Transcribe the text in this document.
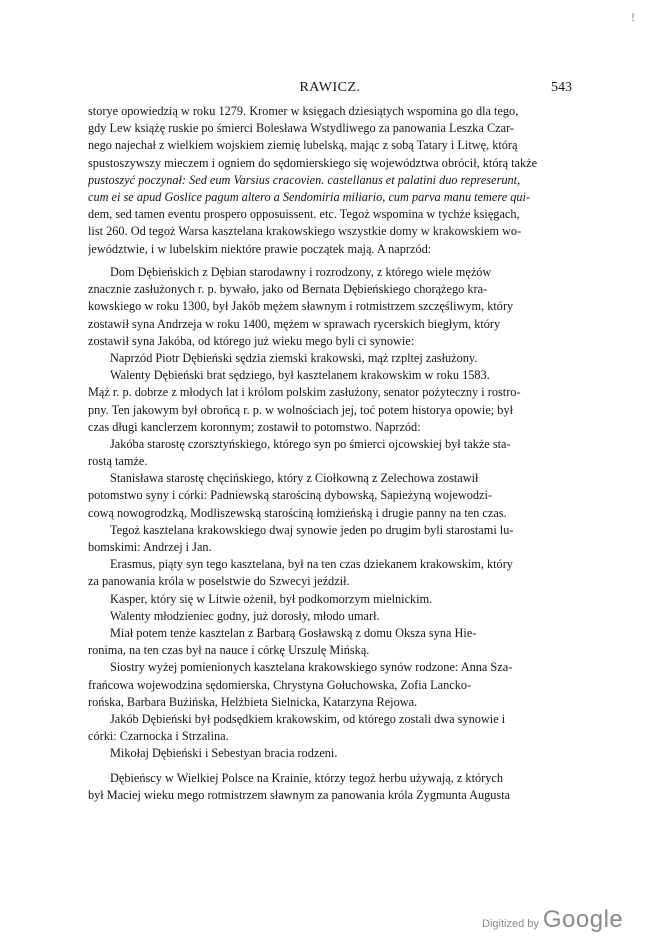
!
RAWICZ.	543
storye opowiedzią w roku 1279. Kromer w księgach dziesiątych wspomina go dla tego,
gdy Lew książę ruskie po śmierci Bolesława Wstydliwego za panowania Leszka Czar-
nego najechał z wielkiem wojskiem ziemię lubelską, mając z sobą Tatary i Litwę, którą
spustoszywszy mieczem i ogniem do sędomierskiego się województwa obrócił, którą także
pustoszyć poczynał: Sed eum Varsius cracovien. castellanus et palatini duo represerunt,
cum ei se apud Goslice pagum altero a Sendomiria miliario, cum parva manu temere qui-
dem, sed tamen eventu prospero opposuissent. etc. Tegoż wspomina w tychże księgach,
list 260. Od tegoż Warsa kasztelana krakowskiego wszystkie domy w krakowskiem wo-
jewództwie, i w lubelskim niektóre prawie początek mają. A naprzód:
Dom Dębieńskich z Dębian starodawny i rozrodzony, z którego wiele mężów
znacznie zasłużonych r. p. bywało, jako od Bernata Dębieńskiego chorążego kra-
kowskiego w roku 1300, był Jakób mężem sławnym i rotmistrzem szczęśliwym, który
zostawił syna Andrzeja w roku 1400, mężem w sprawach rycerskich biegłym, który
zostawił syna Jakóba, od którego już wieku mego byli ci synowie:
Naprzód Piotr Dębieński sędzia ziemski krakowski, mąż rzpltej zasłużony.
Walenty Dębieński brat sędziego, był kasztelanem krakowskim w roku 1583.
Mąż r. p. dobrze z młodych lat i królom polskim zasłużony, senator pożyteczny i rostro-
pny. Ten jakowym był obrońcą r. p. w wolnościach jej, toć potem historya opowie; był
czas długi kanclerzem koronnym; zostawił to potomstwo. Naprzód:
Jakóba starostę czorsztyńskiego, którego syn po śmierci ojcowskiej był także sta-
rostą tamże.
Stanisława starostę chęcińskiego, który z Ciołkowną z Zelechowa zostawił
potomstwo syny i córki: Padniewską starościną dybowską, Sapieżyną wojewodzi-
cową nowogrodzką, Modliszewską starościną łomżieńską i drugie panny na ten czas.
Tegoż kasztelana krakowskiego dwaj synowie jeden po drugim byli starostami lu-
bomskimi: Andrzej i Jan.
Erasmus, piąty syn tego kasztelana, był na ten czas dziekanem krakowskim, który
za panowania króla w poselstwie do Szwecyi jeździł.
Kasper, który się w Litwie ożenił, był podkomorzym mielnickim.
Walenty młodzieniec godny, już dorosły, młodo umarł.
Miał potem tenże kasztelan z Barbarą Gosławską z domu Oksza syna Hie-
ronima, na ten czas był na nauce i córkę Urszulę Mińską.
Siostry wyżej pomienionych kasztelana krakowskiego synów rodzone: Anna Sza-
frańcowa wojewodzina sędomierska, Chrystyna Gołuchowska, Zofia Lancko-
rońska, Barbara Bużińska, Helżbieta Sielnicka, Katarzyna Rejowa.
Jakób Dębieński był podsędkiem krakowskim, od którego zostali dwa synowie i
córki: Czarnocka i Strzalina.
Mikołaj Dębieński i Sebestyan bracia rodzeni.
Dębieńscy w Wielkiej Polsce na Krainie, którzy tegoż herbu używają, z których
był Maciej wieku mego rotmistrzem sławnym za panowania króla Zygmunta Augusta
Digitized by Google
